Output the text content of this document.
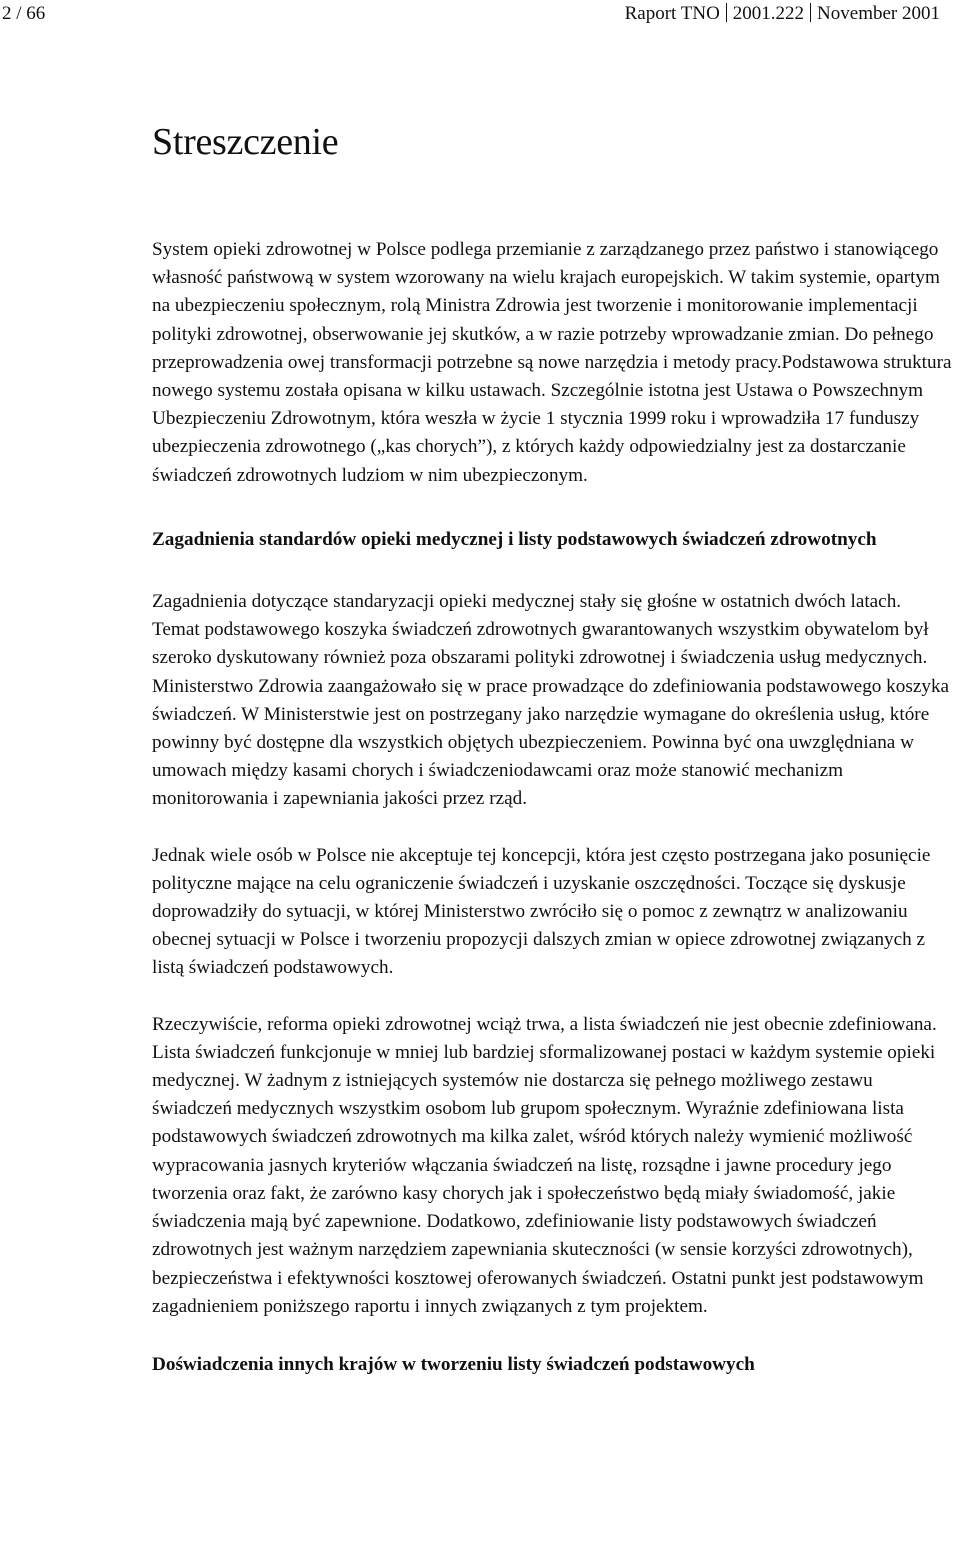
2 / 66	Raport TNO 2001.222 November 2001
Streszczenie

System opieki zdrowotnej w Polsce podlega przemianie z zarządzanego przez państwo i stanowiącego własność państwową w system wzorowany na wielu krajach europejskich. W takim systemie, opartym na ubezpieczeniu społecznym, rolą Ministra Zdrowia jest tworzenie i monitorowanie implementacji polityki zdrowotnej, obserwowanie jej skutków, a w razie potrzeby wprowadzanie zmian. Do pełnego przeprowadzenia owej transformacji potrzebne są nowe narzędzia i metody pracy.Podstawowa struktura nowego systemu została opisana w kilku ustawach. Szczególnie istotna jest Ustawa o Powszechnym Ubezpieczeniu Zdrowotnym, która weszła w życie 1 stycznia 1999 roku i wprowadziła 17 funduszy ubezpieczenia zdrowotnego („kas chorych”), z których każdy odpowiedzialny jest za dostarczanie świadczeń zdrowotnych ludziom w nim ubezpieczonym.

Zagadnienia standardów opieki medycznej i listy podstawowych świadczeń zdrowotnych

Zagadnienia dotyczące standaryzacji opieki medycznej stały się głośne w ostatnich dwóch latach. Temat podstawowego koszyka świadczeń zdrowotnych gwarantowanych wszystkim obywatelom był szeroko dyskutowany również poza obszarami polityki zdrowotnej i świadczenia usług medycznych. Ministerstwo Zdrowia zaangażowało się w prace prowadzące do zdefiniowania podstawowego koszyka świadczeń. W Ministerstwie jest on postrzegany jako narzędzie wymagane do określenia usług, które powinny być dostępne dla wszystkich objętych ubezpieczeniem. Powinna być ona uwzględniana w umowach między kasami chorych i świadczeniodawcami oraz może stanowić mechanizm monitorowania i zapewniania jakości przez rząd.

Jednak wiele osób w Polsce nie akceptuje tej koncepcji, która jest często postrzegana jako posunięcie polityczne mające na celu ograniczenie świadczeń i uzyskanie oszczędności. Toczące się dyskusje doprowadziły do sytuacji, w której Ministerstwo zwróciło się o pomoc z zewnątrz w analizowaniu obecnej sytuacji w Polsce i tworzeniu propozycji dalszych zmian w opiece zdrowotnej związanych z listą świadczeń podstawowych.

Rzeczywiście, reforma opieki zdrowotnej wciąż trwa, a lista świadczeń nie jest obecnie zdefiniowana. Lista świadczeń funkcjonuje w mniej lub bardziej sformalizowanej postaci w każdym systemie opieki medycznej. W żadnym z istniejących systemów nie dostarcza się pełnego możliwego zestawu świadczeń medycznych wszystkim osobom lub grupom społecznym. Wyraźnie zdefiniowana lista podstawowych świadczeń zdrowotnych ma kilka zalet, wśród których należy wymienić możliwość wypracowania jasnych kryteriów włączania świadczeń na listę, rozsądne i jawne procedury jego tworzenia oraz fakt, że zarówno kasy chorych jak i społeczeństwo będą miały świadomość, jakie świadczenia mają być zapewnione. Dodatkowo, zdefiniowanie listy podstawowych świadczeń zdrowotnych jest ważnym narzędziem zapewniania skuteczności (w sensie korzyści zdrowotnych), bezpieczeństwa i efektywności kosztowej oferowanych świadczeń. Ostatni punkt jest podstawowym zagadnieniem poniższego raportu i innych związanych z tym projektem.

Doświadczenia innych krajów w tworzeniu listy świadczeń podstawowych
